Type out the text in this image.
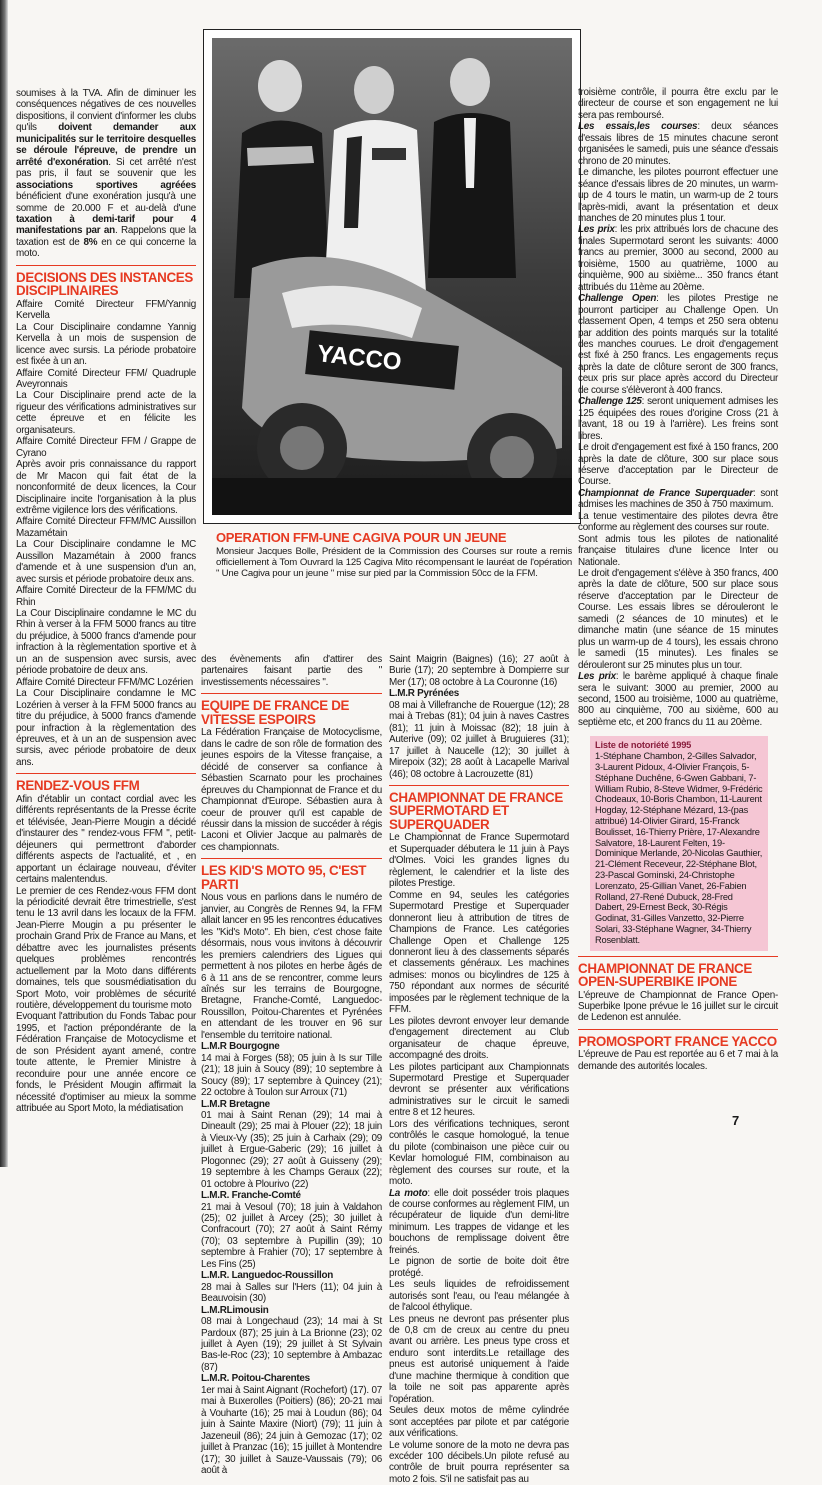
YACCO
OPERATION FFM-UNE CAGIVA POUR UN JEUNE

Monsieur Jacques Bolle, Président de la Commission des Courses sur route a remis officiellement à Tom Ouvrard la 125 Cagiva Mito récompensant le lauréat de l'opération " Une Cagiva pour un jeune " mise sur pied par la Commission 50cc de la FFM.

soumises à la TVA. Afin de diminuer les conséquences négatives de ces nouvelles dispositions, il convient d'informer les clubs qu'ils doivent demander aux municipalités sur le territoire desquelles se déroule l'épreuve, de prendre un arrêté d'exonération. Si cet arrêté n'est pas pris, il faut se souvenir que les associations sportives agréées bénéficient d'une exonération jusqu'à une somme de 20.000 F et au-delà d'une taxation à demi-tarif pour 4 manifestations par an. Rappelons que la taxation est de 8% en ce qui concerne la moto.

DECISIONS DES INSTANCES DISCIPLINAIRES

Affaire Comité Directeur FFM/Yannig Kervella

La Cour Disciplinaire condamne Yannig Kervella à un mois de suspension de licence avec sursis. La période probatoire est fixée à un an.

Affaire Comité Directeur FFM/ Quadruple Aveyronnais

La Cour Disciplinaire prend acte de la rigueur des vérifications administratives sur cette épreuve et en félicite les organisateurs.

Affaire Comité Directeur FFM / Grappe de Cyrano

Après avoir pris connaissance du rapport de Mr Macon qui fait état de la nonconformité de deux licences, la Cour Disciplinaire incite l'organisation à la plus extrême vigilence lors des vérifications.

Affaire Comité Directeur FFM/MC Aussillon Mazamétain

La Cour Disciplinaire condamne le MC Aussillon Mazamétain à 2000 francs d'amende et à une suspension d'un an, avec sursis et période probatoire deux ans.

Affaire Comité Directeur de la FFM/MC du Rhin

La Cour Disciplinaire condamne le MC du Rhin à verser à la FFM 5000 francs au titre du préjudice, à 5000 francs d'amende pour infraction à la règlementation sportive et à un an de suspension avec sursis, avec période probatoire de deux ans.

Affaire Comité Directeur FFM/MC Lozérien

La Cour Disciplinaire condamne le MC Lozérien à verser à la FFM 5000 francs au titre du préjudice, à 5000 francs d'amende pour infraction à la règlementation des épreuves, et à un an de suspension avec sursis, avec période probatoire de deux ans.

RENDEZ-VOUS FFM

Afin d'établir un contact cordial avec les différents représentants de la Presse écrite et télévisée, Jean-Pierre Mougin a décidé d'instaurer des " rendez-vous FFM ", petit-déjeuners qui permettront d'aborder différents aspects de l'actualité, et , en apportant un éclairage nouveau, d'éviter certains malentendus.

Le premier de ces Rendez-vous FFM dont la périodicité devrait être trimestrielle, s'est tenu le 13 avril dans les locaux de la FFM. Jean-Pierre Mougin a pu présenter le prochain Grand Prix de France au Mans, et débattre avec les journalistes présents quelques problèmes rencontrés actuellement par la Moto dans différents domaines, tels que sousmédiatisation du Sport Moto, voir problèmes de sécurité routière, développement du tourisme moto

Evoquant l'attribution du Fonds Tabac pour 1995, et l'action prépondérante de la Fédération Française de Motocyclisme et de son Président ayant amené, contre toute attente, le Premier Ministre à reconduire pour une année encore ce fonds, le Président Mougin affirmait la nécessité d'optimiser au mieux la somme attribuée au Sport Moto, la médiatisation

des évènements afin d'attirer des partenaires faisant partie des " investissements nécessaires ".

EQUIPE DE FRANCE DE VITESSE ESPOIRS

La Fédération Française de Motocyclisme, dans le cadre de son rôle de formation des jeunes espoirs de la Vitesse française, a décidé de conserver sa confiance à Sébastien Scarnato pour les prochaines épreuves du Championnat de France et du Championnat d'Europe. Sébastien aura à coeur de prouver qu'il est capable de réussir dans la mission de succéder à régis Laconi et Olivier Jacque au palmarès de ces championnats.

LES KID'S MOTO 95, C'EST PARTI

Nous vous en parlions dans le numéro de janvier, au Congrès de Rennes 94, la FFM allait lancer en 95 les rencontres éducatives les "Kid's Moto". Eh bien, c'est chose faite désormais, nous vous invitons à découvrir les premiers calendriers des Ligues qui permettent à nos pilotes en herbe âgés de 6 à 11 ans de se rencontrer, comme leurs aînés sur les terrains de Bourgogne, Bretagne, Franche-Comté, Languedoc-Roussillon, Poitou-Charentes et Pyrénées en attendant de les trouver en 96 sur l'ensemble du territoire national.

L.M.R Bourgogne

14 mai à Forges (58); 05 juin à Is sur Tille (21); 18 juin à Soucy (89); 10 septembre à Soucy (89); 17 septembre à Quincey (21); 22 octobre à Toulon sur Arroux (71)

L.M.R Bretagne

01 mai à Saint Renan (29); 14 mai à Dineault (29); 25 mai à Plouer (22); 18 juin à Vieux-Vy (35); 25 juin à Carhaix (29); 09 juillet à Ergue-Gaberic (29); 16 juillet à Plogonnec (29); 27 août à Guisseny (29); 19 septembre à les Champs Geraux (22); 01 octobre à Plourivo (22)

L.M.R. Franche-Comté

21 mai à Vesoul (70); 18 juin à Valdahon (25); 02 juillet à Arcey (25); 30 juillet à Confracourt (70); 27 août à Saint Rémy (70); 03 septembre à Pupillin (39); 10 septembre à Frahier (70); 17 septembre à Les Fins (25)

L.M.R. Languedoc-Roussillon

28 mai à Salles sur l'Hers (11); 04 juin à Beauvoisin (30)

L.M.RLimousin

08 mai à Longechaud (23); 14 mai à St Pardoux (87); 25 juin à La Brionne (23); 02 juillet à Ayen (19); 29 juillet à St Sylvain Bas-le-Roc (23); 10 septembre à Ambazac (87)

L.M.R. Poitou-Charentes

1er mai à Saint Aignant (Rochefort) (17). 07 mai à Buxerolles (Poitiers) (86); 20-21 mai à Vouharte (16); 25 mai à Loudun (86); 04 juin à Sainte Maxire (Niort) (79); 11 juin à Jazeneuil (86); 24 juin à Gemozac (17); 02 juillet à Pranzac (16); 15 juillet à Montendre (17); 30 juillet à Sauze-Vaussais (79); 06 août à

Saint Maigrin (Baignes) (16); 27 août à Burie (17); 20 septembre à Dompierre sur Mer (17); 08 octobre à La Couronne (16)

L.M.R Pyrénées

08 mai à Villefranche de Rouergue (12); 28 mai à Trebas (81); 04 juin à naves Castres (81); 11 juin à Moissac (82); 18 juin à Auterive (09); 02 juillet à Bruguieres (31); 17 juillet à Naucelle (12); 30 juillet à Mirepoix (32); 28 août à Lacapelle Marival (46); 08 octobre à Lacrouzette (81)

CHAMPIONNAT DE FRANCE SUPERMOTARD ET SUPERQUADER

Le Championnat de France Supermotard et Superquader débutera le 11 juin à Pays d'Olmes. Voici les grandes lignes du règlement, le calendrier et la liste des pilotes Prestige.

Comme en 94, seules les catégories Supermotard Prestige et Superquader donneront lieu à attribution de titres de Champions de France. Les catégories Challenge Open et Challenge 125 donneront lieu à des classements séparés et classements généraux. Les machines admises: monos ou bicylindres de 125 à 750 répondant aux normes de sécurité imposées par le règlement technique de la FFM.

Les pilotes devront envoyer leur demande d'engagement directement au Club organisateur de chaque épreuve, accompagné des droits.

Les pilotes participant aux Championnats Supermotard Prestige et Superquader devront se présenter aux vérifications administratives sur le circuit le samedi entre 8 et 12 heures.

Lors des vérifications techniques, seront contrôlés le casque homologué, la tenue du pilote (combinaison une pièce cuir ou Kevlar homologué FIM, combinaison au règlement des courses sur route, et la moto.

La moto: elle doit posséder trois plaques de course conformes au règlement FIM, un récupérateur de liquide d'un demi-litre minimum. Les trappes de vidange et les bouchons de remplissage doivent être freinés.

Le pignon de sortie de boite doit être protégé.

Les seuls liquides de refroidissement autorisés sont l'eau, ou l'eau mélangée à de l'alcool éthylique.

Les pneus ne devront pas présenter plus de 0,8 cm de creux au centre du pneu avant ou arrière. Les pneus type cross et enduro sont interdits.Le retaillage des pneus est autorisé uniquement à l'aide d'une machine thermique à condition que la toile ne soit pas apparente après l'opération.

Seules deux motos de même cylindrée sont acceptées par pilote et par catégorie aux vérifications.

Le volume sonore de la moto ne devra pas excéder 100 décibels.Un pilote refusé au contrôle de bruit pourra représenter sa moto 2 fois. S'il ne satisfait pas au

troisième contrôle, il pourra être exclu par le directeur de course et son engagement ne lui sera pas remboursé.

Les essais,les courses: deux séances d'essais libres de 15 minutes chacune seront organisées le samedi, puis une séance d'essais chrono de 20 minutes.

Le dimanche, les pilotes pourront effectuer une séance d'essais libres de 20 minutes, un warm-up de 4 tours le matin, un warm-up de 2 tours l'après-midi, avant la présentation et deux manches de 20 minutes plus 1 tour.

Les prix: les prix attribués lors de chacune des finales Supermotard seront les suivants: 4000 francs au premier, 3000 au second, 2000 au troisième, 1500 au quatrième, 1000 au cinquième, 900 au sixième... 350 francs étant attribués du 11ème au 20ème.

Challenge Open: les pilotes Prestige ne pourront participer au Challenge Open. Un classement Open, 4 temps et 250 sera obtenu par addition des points marqués sur la totalité des manches courues. Le droit d'engagement est fixé à 250 francs. Les engagements reçus après la date de clôture seront de 300 francs, ceux pris sur place après accord du Directeur de course s'élèveront à 400 francs.

Challenge 125: seront uniquement admises les 125 équipées des roues d'origine Cross (21 à l'avant, 18 ou 19 à l'arrière). Les freins sont libres.

Le droit d'engagement est fixé à 150 francs, 200 après la date de clôture, 300 sur place sous réserve d'acceptation par le Directeur de Course.

Championnat de France Superquader: sont admises les machines de 350 à 750 maximum.

La tenue vestimentaire des pilotes devra être conforme au règlement des courses sur route.

Sont admis tous les pilotes de nationalité française titulaires d'une licence Inter ou Nationale.

Le droit d'engagement s'élève à 350 francs, 400 après la date de clôture, 500 sur place sous réserve d'acceptation par le Directeur de Course. Les essais libres se dérouleront le samedi (2 séances de 10 minutes) et le dimanche matin (une séance de 15 minutes plus un warm-up de 4 tours), les essais chrono le samedi (15 minutes). Les finales se dérouleront sur 25 minutes plus un tour.

Les prix: le barème appliqué à chaque finale sera le suivant: 3000 au premier, 2000 au second, 1500 au troisième, 1000 au quatrième, 800 au cinquième, 700 au sixième, 600 au septième etc, et 200 francs du 11 au 20ème.

Liste de notoriété 1995
1-Stéphane Chambon, 2-Gilles Salvador, 3-Laurent Pidoux, 4-Olivier François, 5-Stéphane Duchêne, 6-Gwen Gabbani, 7-William Rubio, 8-Steve Widmer, 9-Frédéric Chodeaux, 10-Boris Chambon, 11-Laurent Hogday, 12-Stéphane Mézard, 13-(pas attribué) 14-Olivier Girard, 15-Franck Boulisset, 16-Thierry Prière, 17-Alexandre Salvatore, 18-Laurent Felten, 19-Dominique Merlande, 20-Nicolas Gauthier, 21-Clément Receveur, 22-Stéphane Blot, 23-Pascal Gominski, 24-Christophe Lorenzato, 25-Gillian Vanet, 26-Fabien Rolland, 27-René Dubuck, 28-Fred Dabert, 29-Ernest Beck, 30-Régis Godinat, 31-Gilles Vanzetto, 32-Pierre Solari, 33-Stéphane Wagner, 34-Thierry Rosenblatt.
CHAMPIONNAT DE FRANCE OPEN-SUPERBIKE IPONE

L'épreuve de Championnat de France Open-Superbike Ipone prévue le 16 juillet sur le circuit de Ledenon est annulée.

PROMOSPORT FRANCE YACCO

L'épreuve de Pau est reportée au 6 et 7 mai à la demande des autorités locales.

7
